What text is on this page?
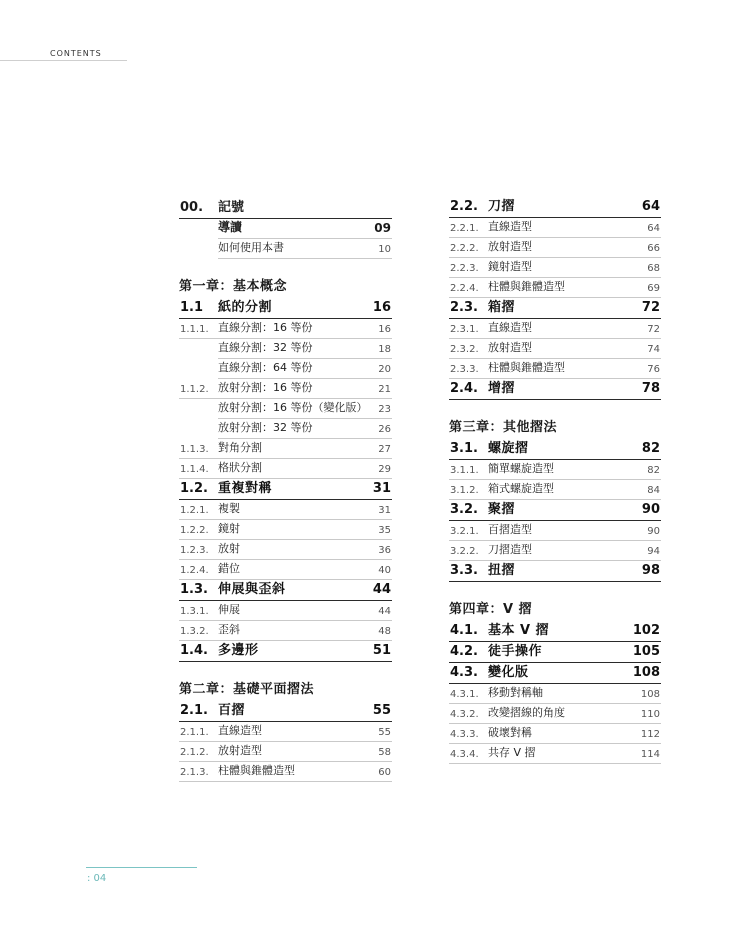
CONTENTS
00. 記號
導讀	09
如何使用本書	10
第一章：基本概念
1.1 紙的分割	16
1.1.1. 直線分割：16 等份	16
直線分割：32 等份	18
直線分割：64 等份	20
1.1.2. 放射分割：16 等份	21
放射分割：16 等份（變化版） 23
放射分割：32 等份	26
1.1.3. 對角分割	27
1.1.4. 格狀分割	29
1.2. 重複對稱	31
1.2.1. 複製	31
1.2.2. 鏡射	35
1.2.3. 放射	36
1.2.4. 錯位	40
1.3. 伸展與歪斜	44
1.3.1. 伸展	44
1.3.2. 歪斜	48
1.4. 多邊形	51
第二章：基礎平面摺法
2.1. 百摺	55
2.1.1. 直線造型	55
2.1.2. 放射造型	58
2.1.3. 柱體與錐體造型	60
2.2. 刀摺	64
2.2.1. 直線造型	64
2.2.2. 放射造型	66
2.2.3. 鏡射造型	68
2.2.4. 柱體與錐體造型	69
2.3. 箱摺	72
2.3.1. 直線造型	72
2.3.2. 放射造型	74
2.3.3. 柱體與錐體造型	76
2.4. 增摺	78
第三章：其他摺法
3.1. 螺旋摺	82
3.1.1. 簡單螺旋造型	82
3.1.2. 箱式螺旋造型	84
3.2. 聚摺	90
3.2.1. 百摺造型	90
3.2.2. 刀摺造型	94
3.3. 扭摺	98
第四章：V 摺
4.1. 基本 V 摺	102
4.2. 徒手操作	105
4.3. 變化版	108
4.3.1. 移動對稱軸	108
4.3.2. 改變摺線的角度	110
4.3.3. 破壞對稱	112
4.3.4. 共存 V 摺	114
: 04
